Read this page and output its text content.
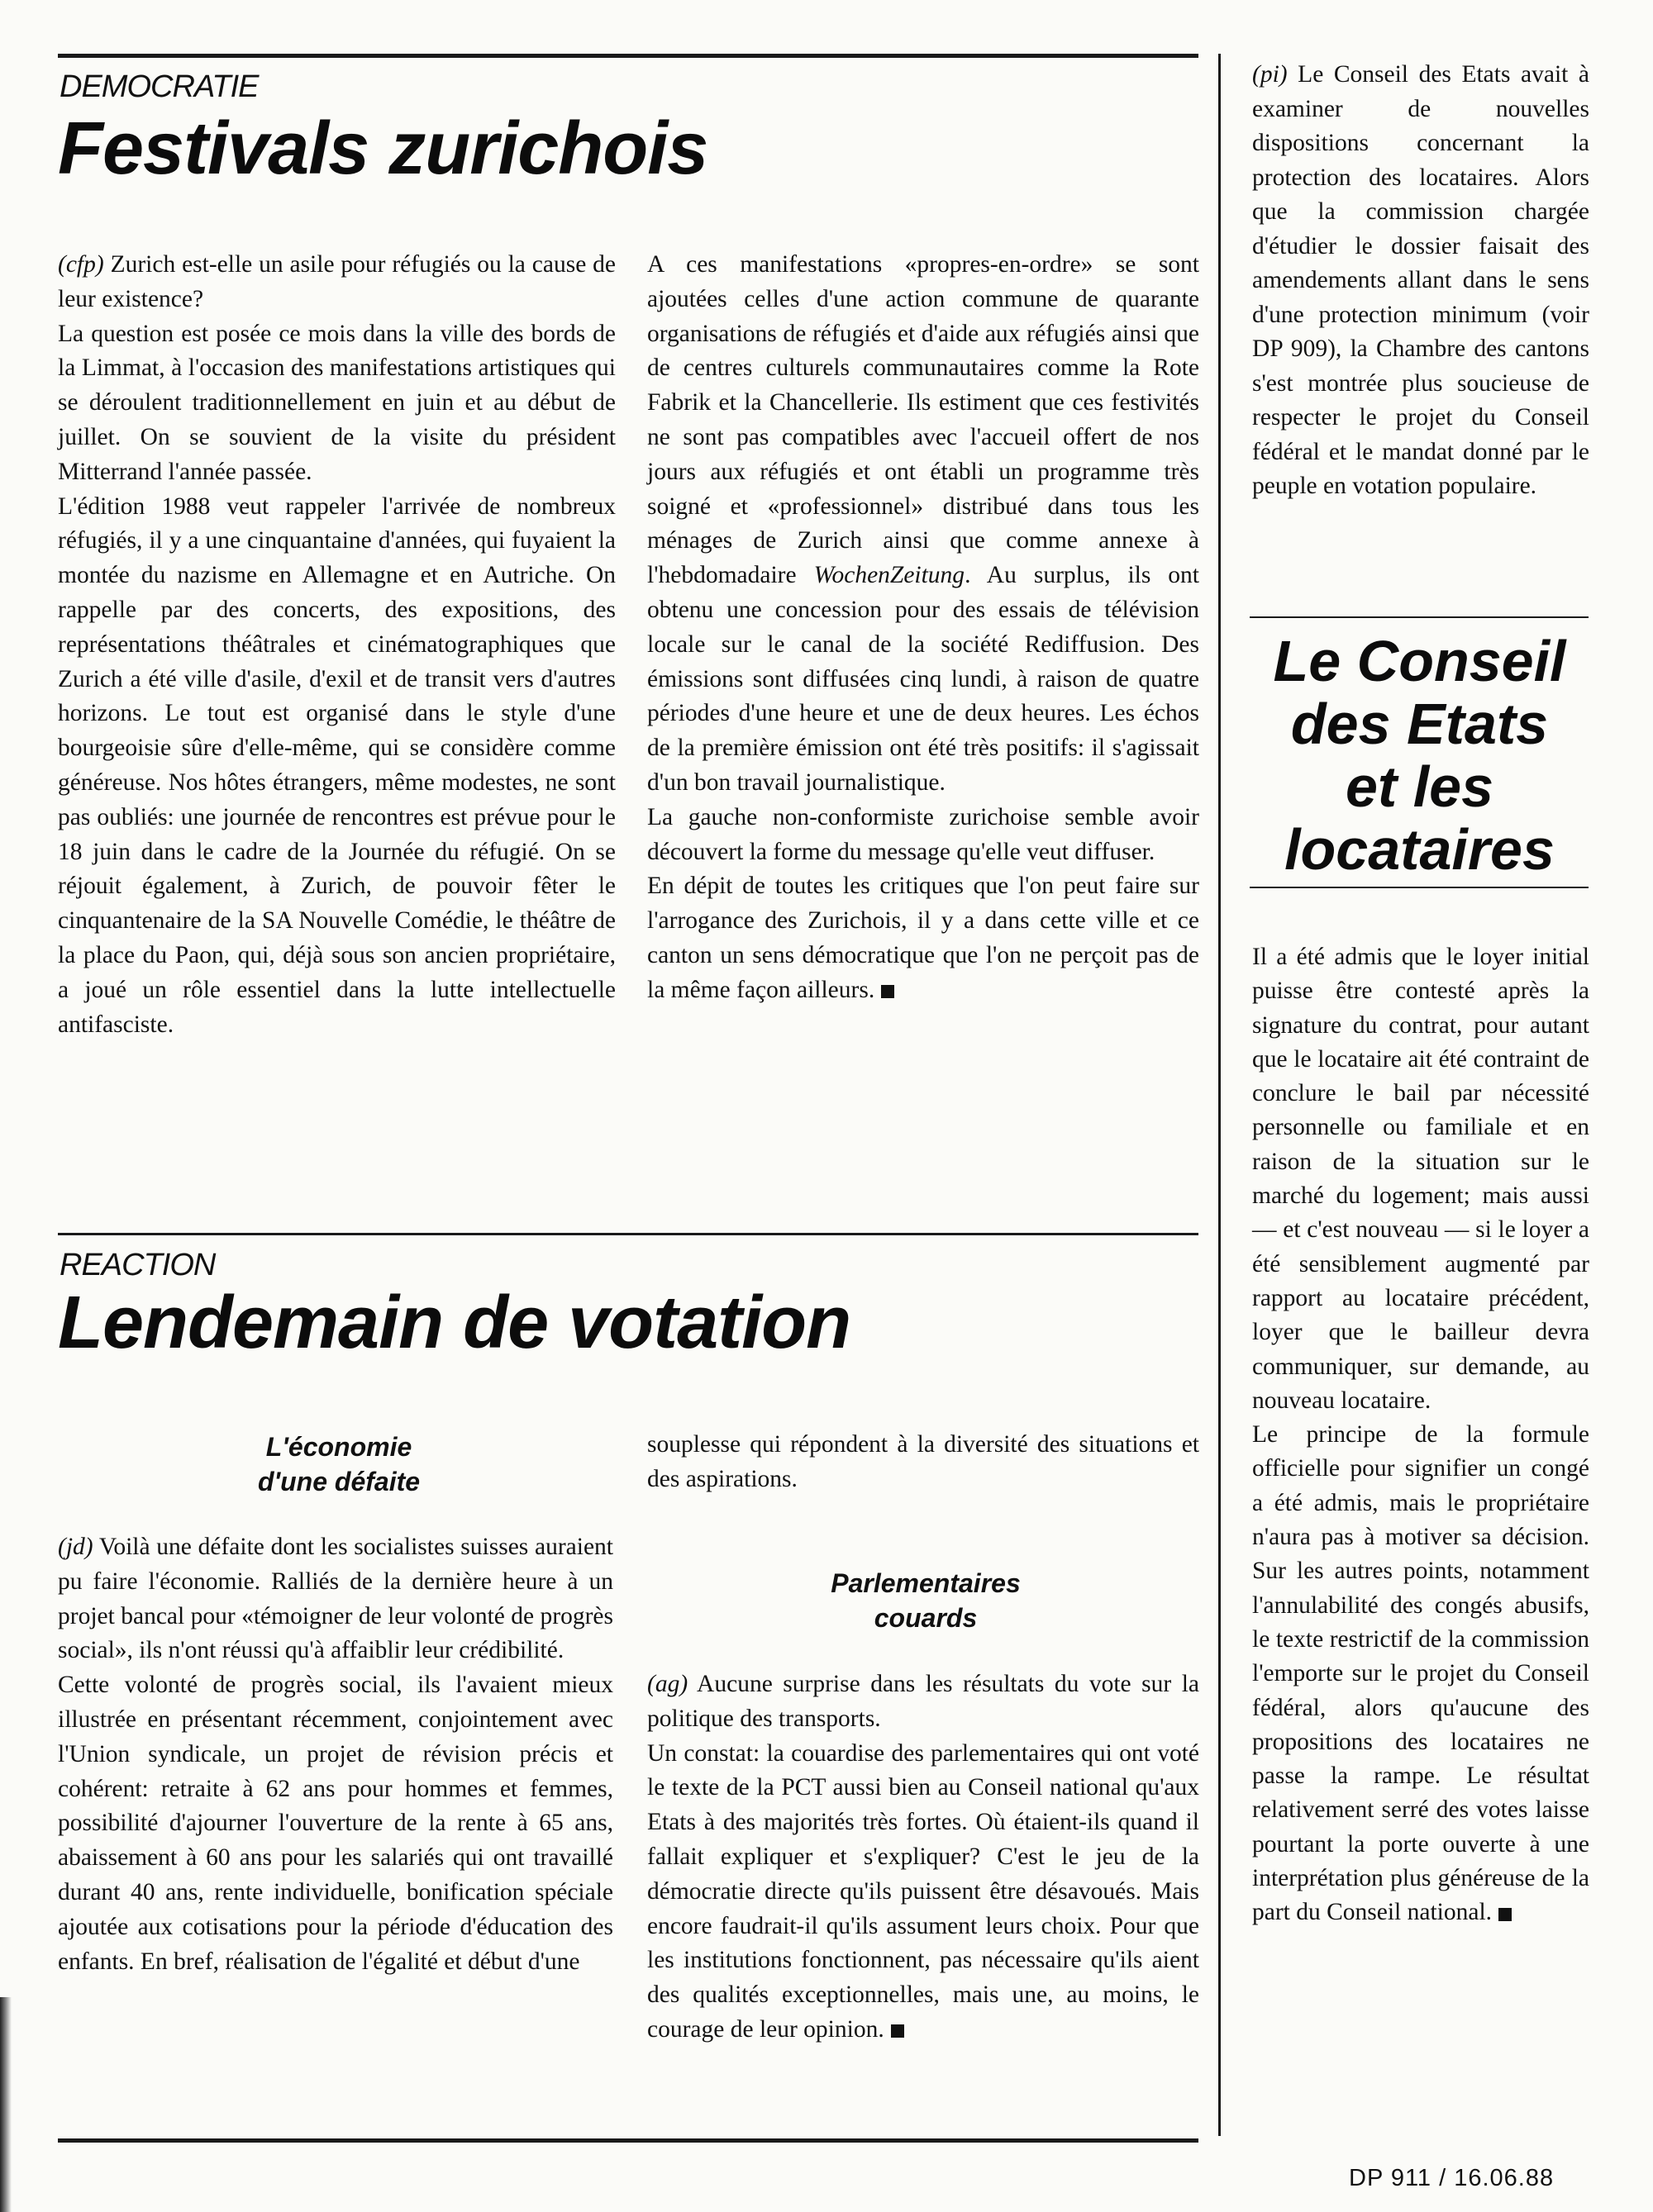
DEMOCRATIE
Festivals zurichois

(cfp) Zurich est-elle un asile pour réfugiés ou la cause de leur existence?

La question est posée ce mois dans la ville des bords de la Limmat, à l'occasion des manifestations artistiques qui se déroulent traditionnellement en juin et au début de juillet. On se souvient de la visite du président Mitterrand l'année passée.

L'édition 1988 veut rappeler l'arrivée de nombreux réfugiés, il y a une cinquantaine d'années, qui fuyaient la montée du nazisme en Allemagne et en Autriche. On rappelle par des concerts, des expositions, des représentations théâtrales et cinématographiques que Zurich a été ville d'asile, d'exil et de transit vers d'autres horizons. Le tout est organisé dans le style d'une bourgeoisie sûre d'elle-même, qui se considère comme généreuse. Nos hôtes étrangers, même modestes, ne sont pas oubliés: une journée de rencontres est prévue pour le 18 juin dans le cadre de la Journée du réfugié. On se réjouit également, à Zurich, de pouvoir fêter le cinquantenaire de la SA Nouvelle Comédie, le théâtre de la place du Paon, qui, déjà sous son ancien propriétaire, a joué un rôle essentiel dans la lutte intellectuelle antifasciste.

A ces manifestations «propres-en-ordre» se sont ajoutées celles d'une action commune de quarante organisations de réfugiés et d'aide aux réfugiés ainsi que de centres culturels communautaires comme la Rote Fabrik et la Chancellerie. Ils estiment que ces festivités ne sont pas compatibles avec l'accueil offert de nos jours aux réfugiés et ont établi un programme très soigné et «professionnel» distribué dans tous les ménages de Zurich ainsi que comme annexe à l'hebdomadaire WochenZeitung. Au surplus, ils ont obtenu une concession pour des essais de télévision locale sur le canal de la société Rediffusion. Des émissions sont diffusées cinq lundi, à raison de quatre périodes d'une heure et une de deux heures. Les échos de la première émission ont été très positifs: il s'agissait d'un bon travail journalistique.

La gauche non-conformiste zurichoise semble avoir découvert la forme du message qu'elle veut diffuser.

En dépit de toutes les critiques que l'on peut faire sur l'arrogance des Zurichois, il y a dans cette ville et ce canton un sens démocratique que l'on ne perçoit pas de la même façon ailleurs.

REACTION
Lendemain de votation
L'économie
d'une défaite

(jd) Voilà une défaite dont les socialistes suisses auraient pu faire l'économie. Ralliés de la dernière heure à un projet bancal pour «témoigner de leur volonté de progrès social», ils n'ont réussi qu'à affaiblir leur crédibilité.

Cette volonté de progrès social, ils l'avaient mieux illustrée en présentant récemment, conjointement avec l'Union syndicale, un projet de révision précis et cohérent: retraite à 62 ans pour hommes et femmes, possibilité d'ajourner l'ouverture de la rente à 65 ans, abaissement à 60 ans pour les salariés qui ont travaillé durant 40 ans, rente individuelle, bonification spéciale ajoutée aux cotisations pour la période d'éducation des enfants. En bref, réalisation de l'égalité et début d'une

souplesse qui répondent à la diversité des situations et des aspirations.
Parlementaires
couards

(ag) Aucune surprise dans les résultats du vote sur la politique des transports.

Un constat: la couardise des parlementaires qui ont voté le texte de la PCT aussi bien au Conseil national qu'aux Etats à des majorités très fortes. Où étaient-ils quand il fallait expliquer et s'expliquer? C'est le jeu de la démocratie directe qu'ils puissent être désavoués. Mais encore faudrait-il qu'ils assument leurs choix. Pour que les institutions fonctionnent, pas nécessaire qu'ils aient des qualités exceptionnelles, mais une, au moins, le courage de leur opinion.

(pi) Le Conseil des Etats avait à examiner de nouvelles dispositions concernant la protection des locataires. Alors que la commission chargée d'étudier le dossier faisait des amendements allant dans le sens d'une protection minimum (voir DP 909), la Chambre des cantons s'est montrée plus soucieuse de respecter le projet du Conseil fédéral et le mandat donné par le peuple en votation populaire.

Le Conseil
des Etats
et les
locataires

Il a été admis que le loyer initial puisse être contesté après la signature du contrat, pour autant que le locataire ait été contraint de conclure le bail par nécessité personnelle ou familiale et en raison de la situation sur le marché du logement; mais aussi — et c'est nouveau — si le loyer a été sensiblement augmenté par rapport au locataire précédent, loyer que le bailleur devra communiquer, sur demande, au nouveau locataire.

Le principe de la formule officielle pour signifier un congé a été admis, mais le propriétaire n'aura pas à motiver sa décision. Sur les autres points, notamment l'annulabilité des congés abusifs, le texte restrictif de la commission l'emporte sur le projet du Conseil fédéral, alors qu'aucune des propositions des locataires ne passe la rampe. Le résultat relativement serré des votes laisse pourtant la porte ouverte à une interprétation plus généreuse de la part du Conseil national.

DP 911 / 16.06.88
